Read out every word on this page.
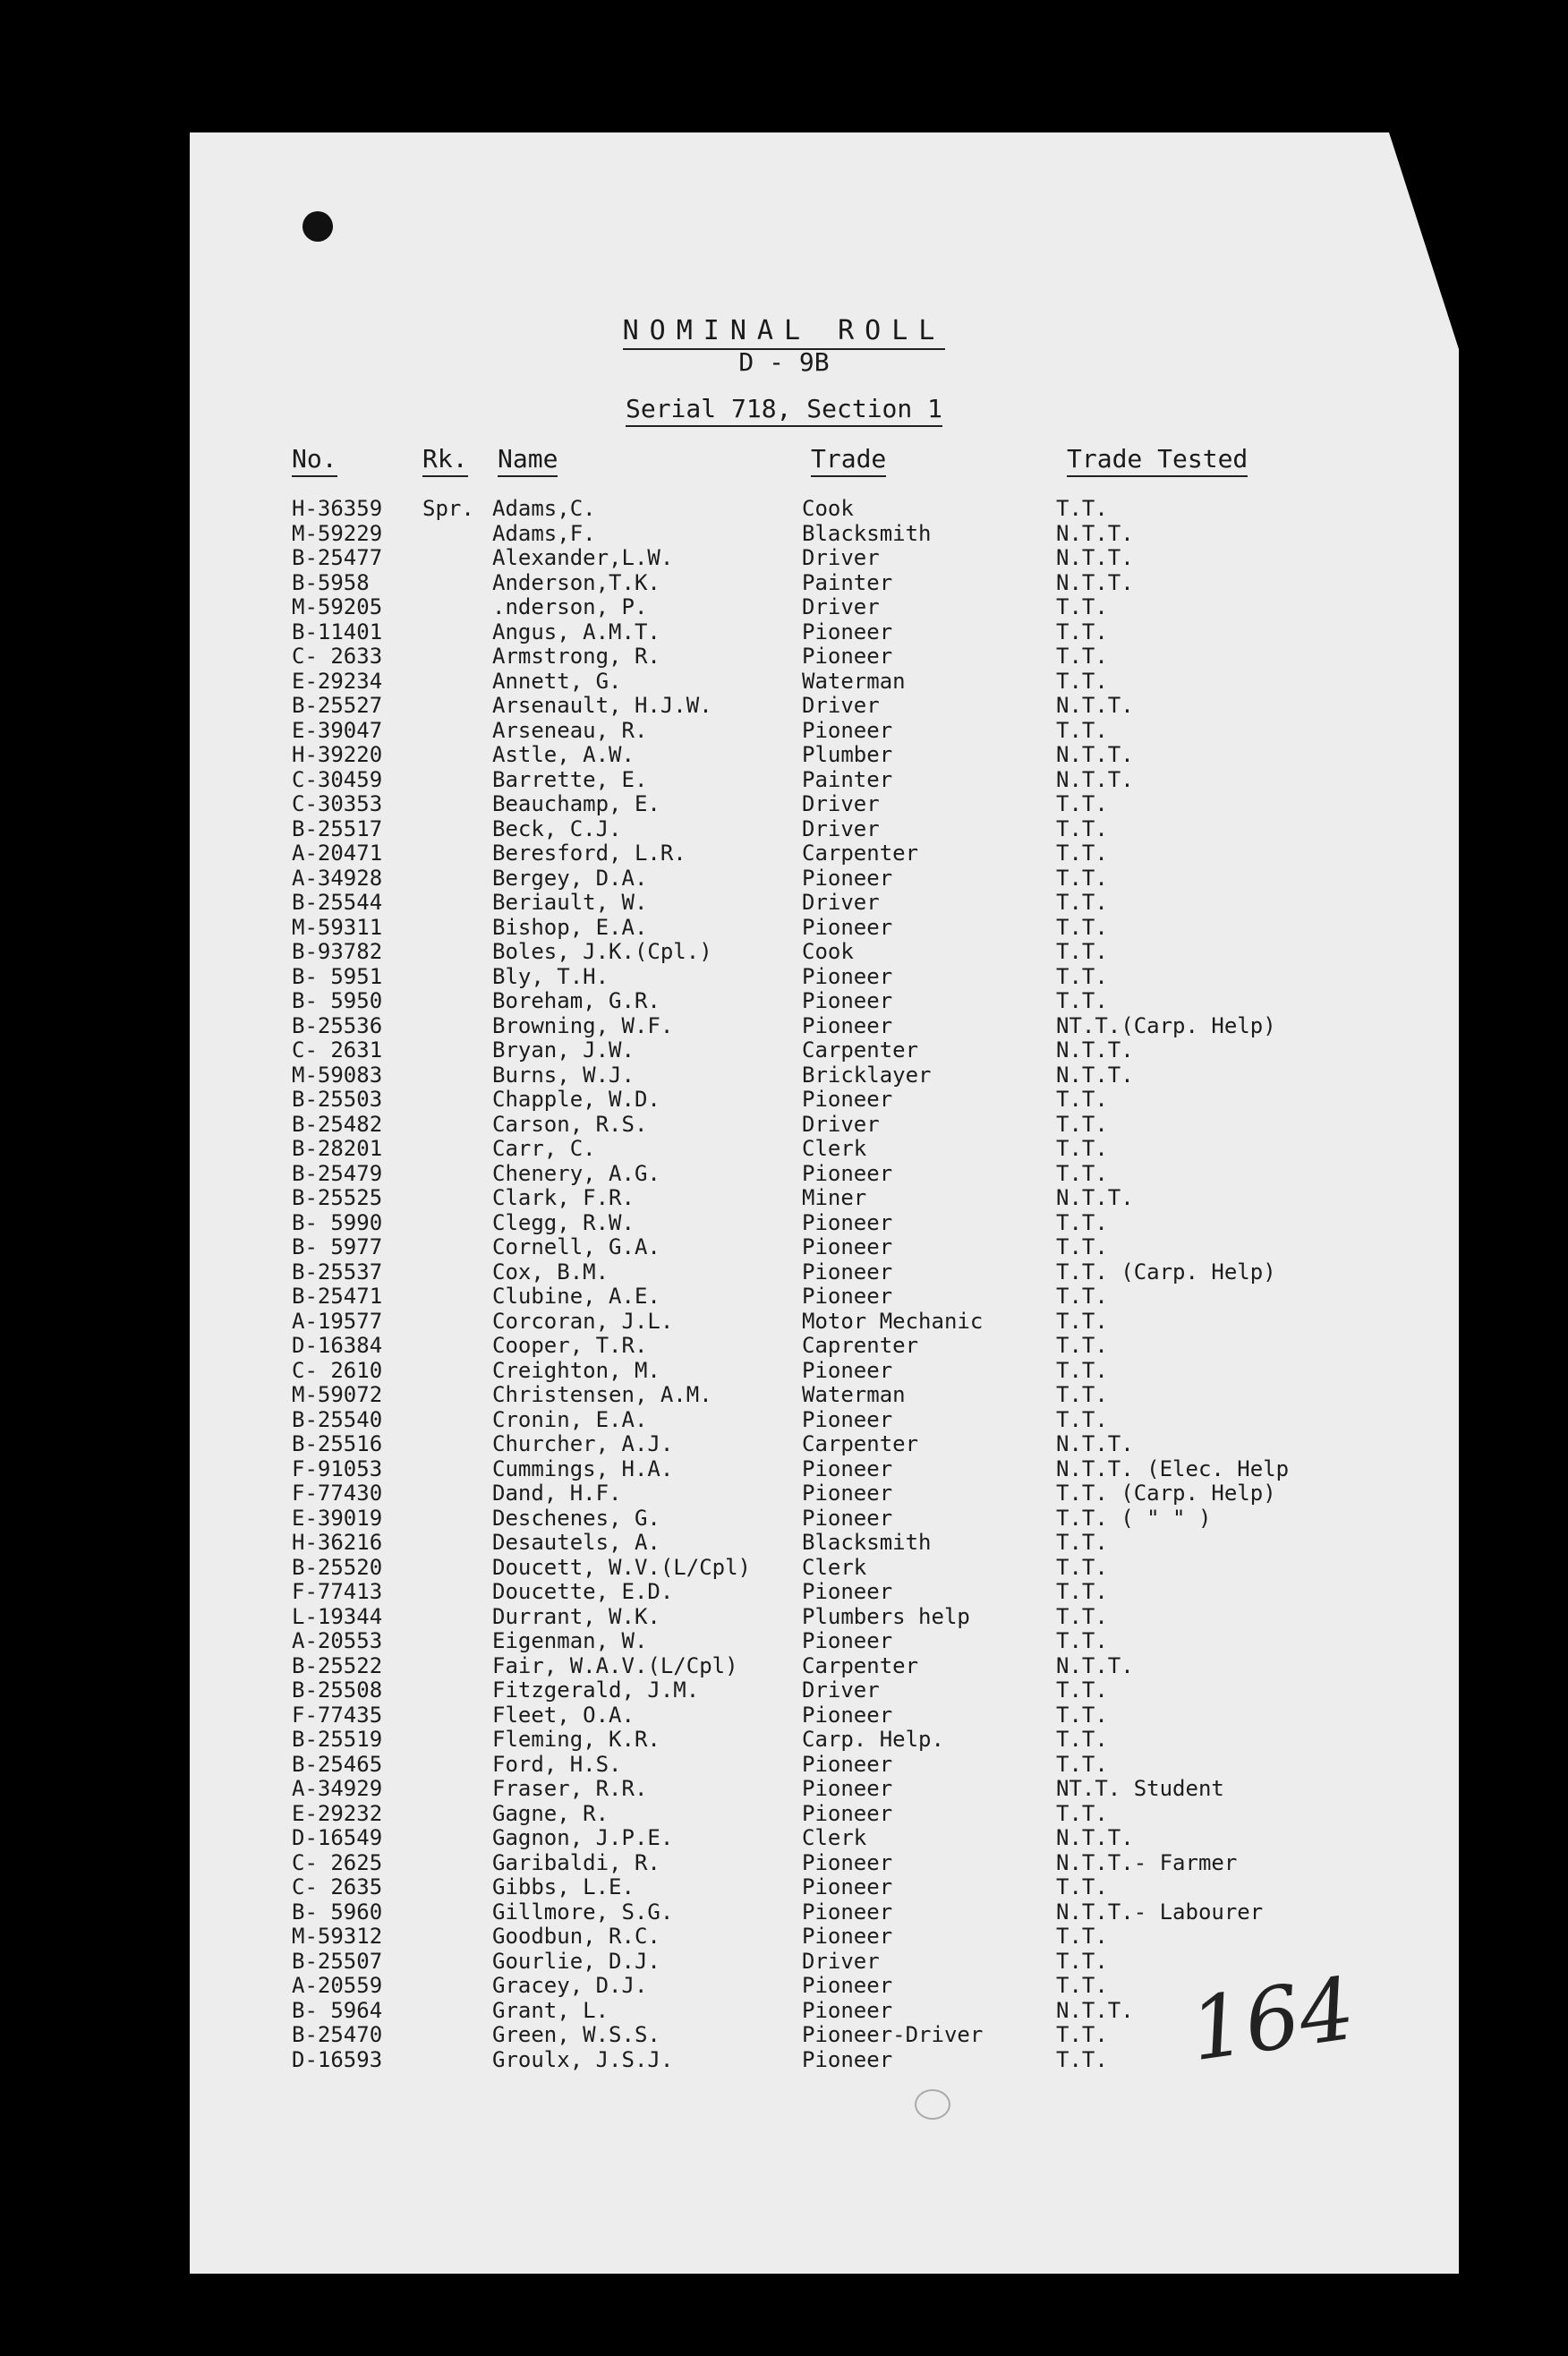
NOMINAL ROLL
D - 9B
Serial 718, Section 1
No.	Rk. Name	Trade	Trade Tested
H-36359 Spr. Adams,C.	Cook	T.T.
M-59229	Adams,F.	Blacksmith	N.T.T.
B-25477	Alexander,L.W.	Driver	N.T.T.
B-5958	Anderson,T.K.	Painter	N.T.T.
M-59205	.nderson, P.	Driver	T.T.
B-11401	Angus, A.M.T.	Pioneer	T.T.
C- 2633	Armstrong, R.	Pioneer	T.T.
E-29234	Annett, G.	Waterman	T.T.
B-25527	Arsenault, H.J.W.	Driver	N.T.T.
E-39047	Arseneau, R.	Pioneer	T.T.
H-39220	Astle, A.W.	Plumber	N.T.T.
C-30459	Barrette, E.	Painter	N.T.T.
C-30353	Beauchamp, E.	Driver	T.T.
B-25517	Beck, C.J.	Driver	T.T.
A-20471	Beresford, L.R.	Carpenter	T.T.
A-34928	Bergey, D.A.	Pioneer	T.T.
B-25544	Beriault, W.	Driver	T.T.
M-59311	Bishop, E.A.	Pioneer	T.T.
B-93782	Boles, J.K.(Cpl.)	Cook	T.T.
B- 5951	Bly, T.H.	Pioneer	T.T.
B- 5950	Boreham, G.R.	Pioneer	T.T.
B-25536	Browning, W.F.	Pioneer	NT.T.(Carp. Help)
C- 2631	Bryan, J.W.	Carpenter	N.T.T.
M-59083	Burns, W.J.	Bricklayer	N.T.T.
B-25503	Chapple, W.D.	Pioneer	T.T.
B-25482	Carson, R.S.	Driver	T.T.
B-28201	Carr, C.	Clerk	T.T.
B-25479	Chenery, A.G.	Pioneer	T.T.
B-25525	Clark, F.R.	Miner	N.T.T.
B- 5990	Clegg, R.W.	Pioneer	T.T.
B- 5977	Cornell, G.A.	Pioneer	T.T.
B-25537	Cox, B.M.	Pioneer	T.T. (Carp. Help)
B-25471	Clubine, A.E.	Pioneer	T.T.
A-19577	Corcoran, J.L.	Motor Mechanic	T.T.
D-16384	Cooper, T.R.	Caprenter	T.T.
C- 2610	Creighton, M.	Pioneer	T.T.
M-59072	Christensen, A.M.	Waterman	T.T.
B-25540	Cronin, E.A.	Pioneer	T.T.
B-25516	Churcher, A.J.	Carpenter	N.T.T.
F-91053	Cummings, H.A.	Pioneer	N.T.T. (Elec. Help
F-77430	Dand, H.F.	Pioneer	T.T. (Carp. Help)
E-39019	Deschenes, G.	Pioneer	T.T. ( " " )
H-36216	Desautels, A.	Blacksmith	T.T.
B-25520	Doucett, W.V.(L/Cpl) Clerk	T.T.
F-77413	Doucette, E.D.	Pioneer	T.T.
L-19344	Durrant, W.K.	Plumbers help	T.T.
A-20553	Eigenman, W.	Pioneer	T.T.
B-25522	Fair, W.A.V.(L/Cpl)	Carpenter	N.T.T.
B-25508	Fitzgerald, J.M.	Driver	T.T.
F-77435	Fleet, O.A.	Pioneer	T.T.
B-25519	Fleming, K.R.	Carp. Help.	T.T.
B-25465	Ford, H.S.	Pioneer	T.T.
A-34929	Fraser, R.R.	Pioneer	NT.T. Student
E-29232	Gagne, R.	Pioneer	T.T.
D-16549	Gagnon, J.P.E.	Clerk	N.T.T.
C- 2625	Garibaldi, R.	Pioneer	N.T.T.- Farmer
C- 2635	Gibbs, L.E.	Pioneer	T.T.
B- 5960	Gillmore, S.G.	Pioneer	N.T.T.- Labourer
M-59312	Goodbun, R.C.	Pioneer	T.T.
B-25507	Gourlie, D.J.	Driver	T.T.
A-20559	Gracey, D.J.	Pioneer	T.T.
B- 5964	Grant, L.	Pioneer	N.T.T.
B-25470	Green, W.S.S.	Pioneer-Driver	T.T.
D-16593	Groulx, J.S.J.	Pioneer	T.T. 164
